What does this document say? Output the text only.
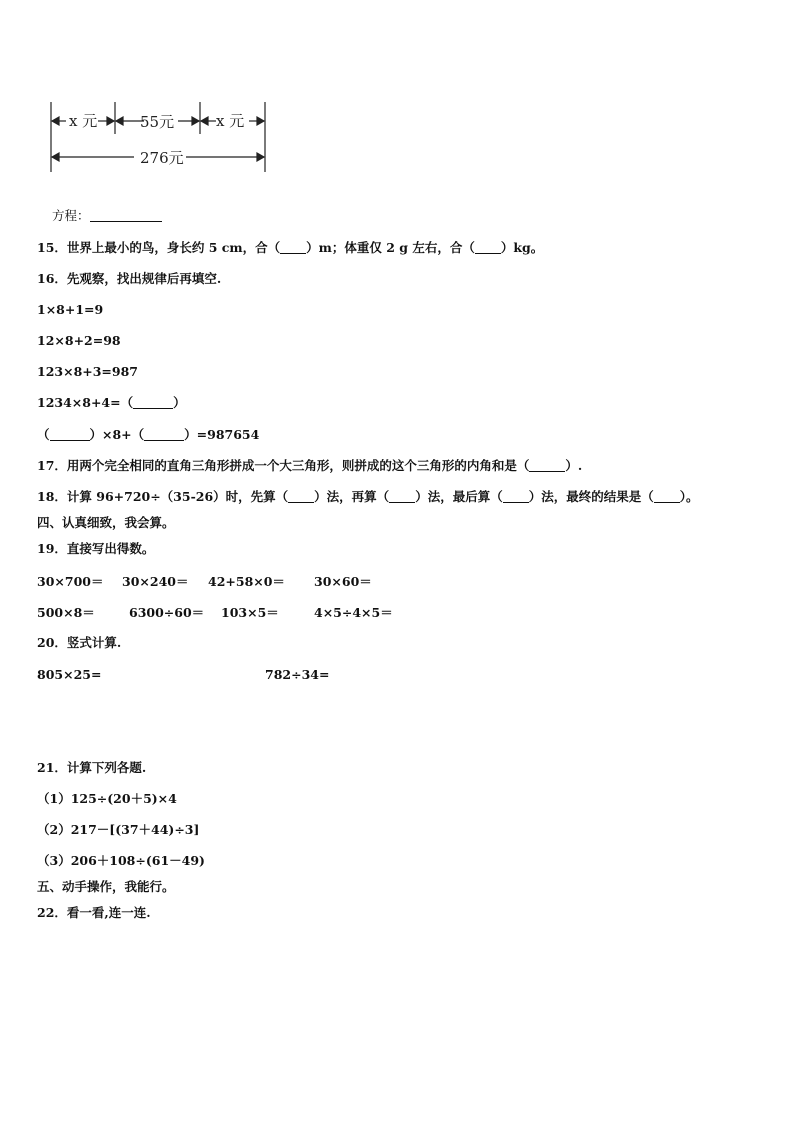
x 元	55元	x 元
276元
方程：
15．世界上最小的鸟，身长约 5 cm，合（ ）m；体重仅 2 g 左右，合（ ）kg。
16．先观察，找出规律后再填空.
1×8+1=9
12×8+2=98
123×8+3=987
1234×8+4=（	）
（	）×8+（	）=987654
17．用两个完全相同的直角三角形拼成一个大三角形，则拼成的这个三角形的内角和是（	）.
18．计算 96+720÷（35-26）时，先算（ ）法，再算（ ）法，最后算（ ）法，最终的结果是（ ）。
四、认真细致，我会算。
19．直接写出得数。
30×700＝ 30×240＝ 42+58×0＝ 30×60＝
500×8＝	6300÷60＝ 103×5＝	4×5÷4×5＝
20．竖式计算.
805×25=	782÷34=
21．计算下列各题.
（1）125÷(20＋5)×4
（2）217－[(37＋44)÷3]
（3）206＋108÷(61－49)
五、动手操作，我能行。
22．看一看,连一连.
